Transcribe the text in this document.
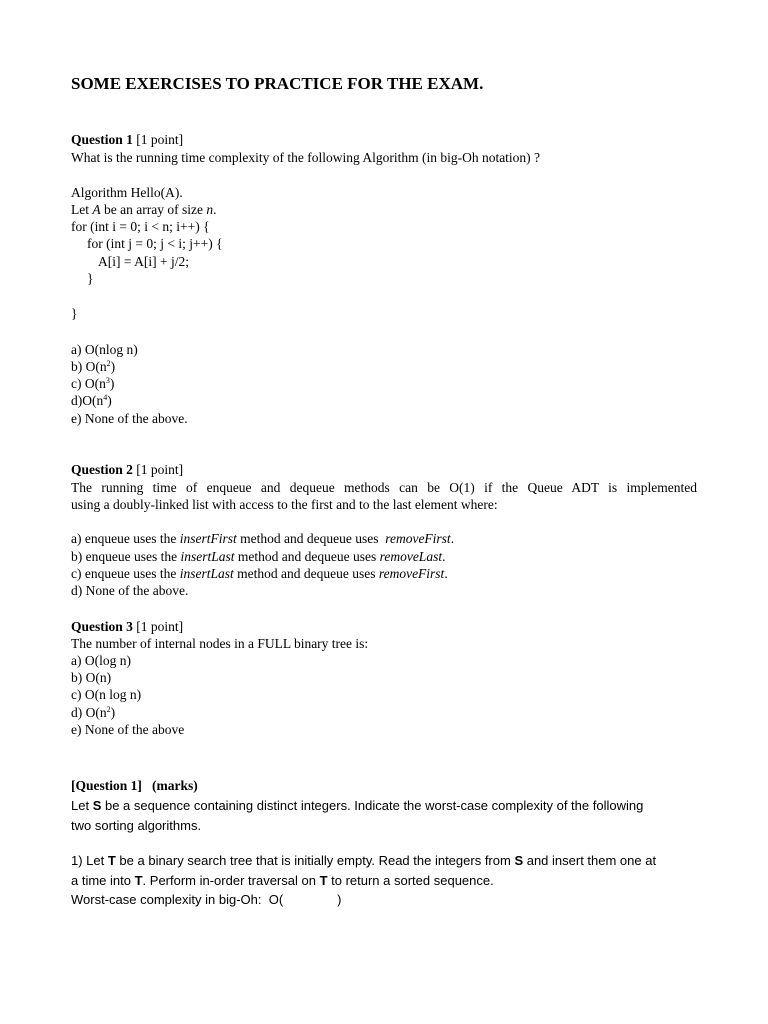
SOME EXERCISES TO PRACTICE FOR THE EXAM.
Question 1 [1 point]
What is the running time complexity of the following Algorithm (in big-Oh notation) ?
Algorithm Hello(A).
Let A be an array of size n.
for (int i = 0; i < n; i++) {
for (int j = 0; j < i; j++) {
A[i] = A[i] + j/2;
}
}
a) O(nlog n)
b) $O(n^2)$
c) $O(n^3)$
$d)O(n^4)$
e) None of the above.
Question 2 [1 point]
The running time of enqueue and dequeue methods can be O(1) if the Queue ADT is implemented
using a doubly-linked list with access to the first and to the last element where:
a) enqueue uses the insertFirst method and dequeue uses  removeFirst.
b) enqueue uses the insertLast method and dequeue uses removeLast.
c) enqueue uses the insertLast method and dequeue uses removeFirst.
d) None of the above.
Question 3 [1 point]
The number of internal nodes in a FULL binary tree is:
a) O(log n)
b) O(n)
c) O(n log n)
d) $O(n^2)$
e) None of the above
[Question 1] (marks)
Let S be a sequence containing distinct integers. Indicate the worst-case complexity of the following
two sorting algorithms.
1) Let T be a binary search tree that is initially empty. Read the integers from S and insert them one at
a time into T. Perform in-order traversal on T to return a sorted sequence.
Worst-case complexity in big-Oh:  O(	)
